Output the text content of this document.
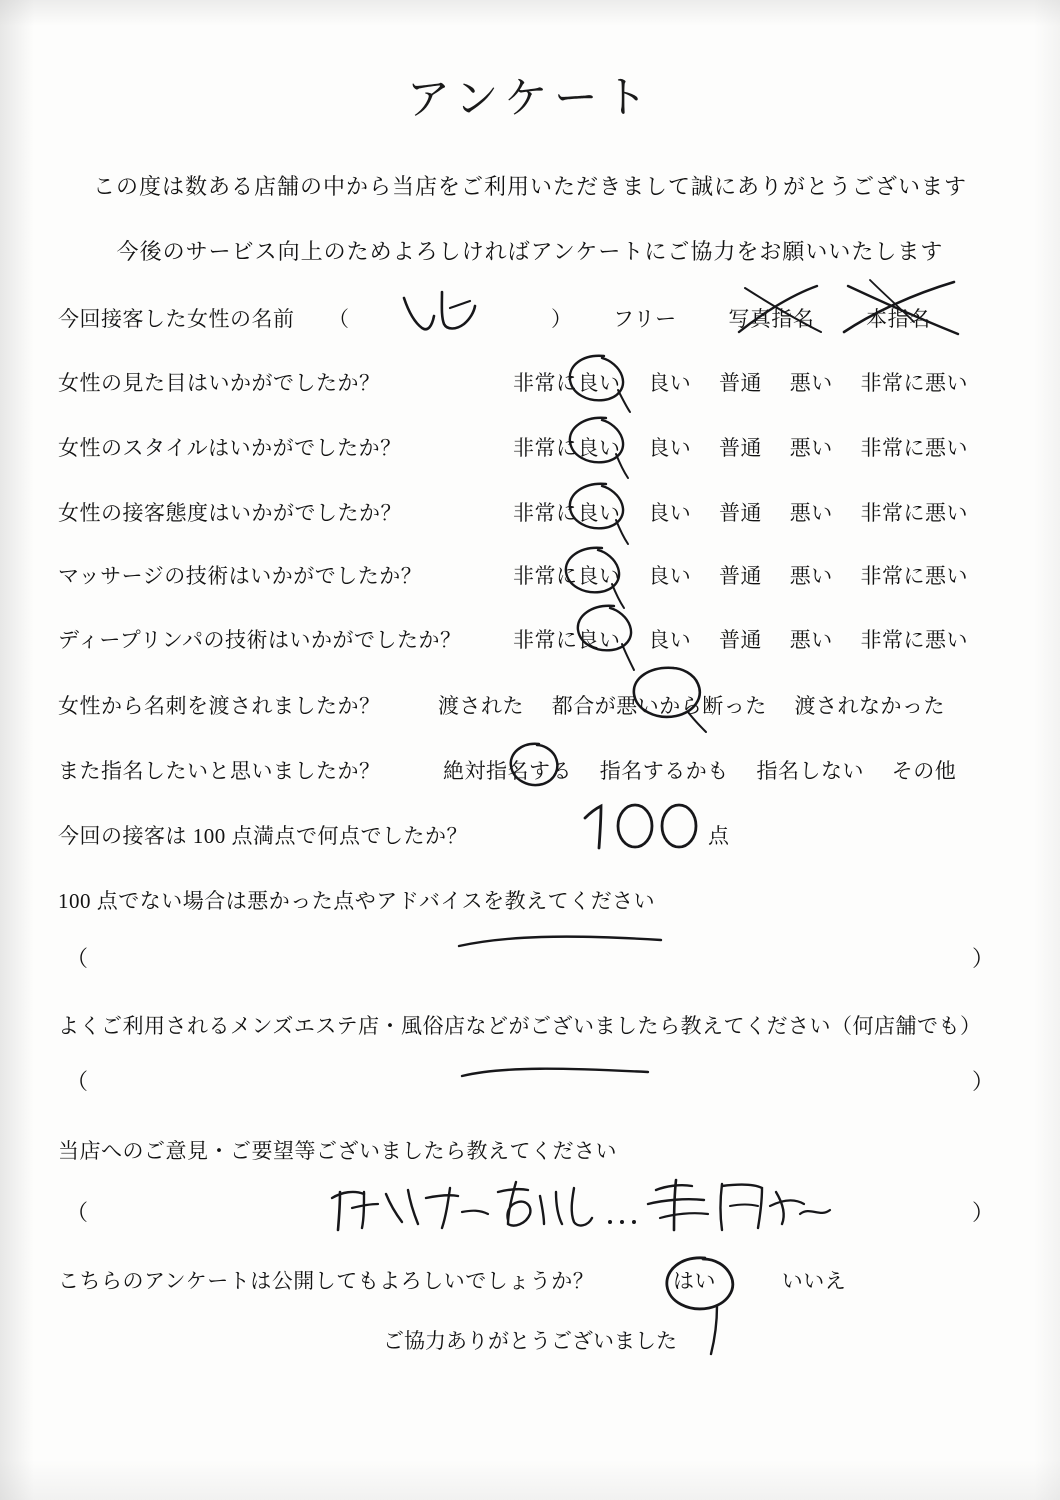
アンケート
この度は数ある店舗の中から当店をご利用いただきまして誠にありがとうございます
今後のサービス向上のためよろしければアンケートにご協力をお願いいたします
今回接客した女性の名前 （	） フリー 写真指名 本指名
女性の見た目はいかがでしたか？	非常に良い 良い 普通 悪い 非常に悪い
女性のスタイルはいかがでしたか？	非常に良い 良い 普通 悪い 非常に悪い
女性の接客態度はいかがでしたか？	非常に良い 良い 普通 悪い 非常に悪い
マッサージの技術はいかがでしたか？	非常に良い 良い 普通 悪い 非常に悪い
ディープリンパの技術はいかがでしたか？ 非常に良い 良い 普通 悪い 非常に悪い
女性から名刺を渡されましたか？	渡された 都合が悪いから断った 渡されなかった
また指名したいと思いましたか？	絶対指名する 指名するかも 指名しない その他
今回の接客は 100 点満点で何点でしたか？	点
100 点でない場合は悪かった点やアドバイスを教えてください
（	）
よくご利用されるメンズエステ店・風俗店などがございましたら教えてください（何店舗でも）
（	）
当店へのご意見・ご要望等ございましたら教えてください
（	）
こちらのアンケートは公開してもよろしいでしょうか？	はい	いいえ
ご協力ありがとうございました
